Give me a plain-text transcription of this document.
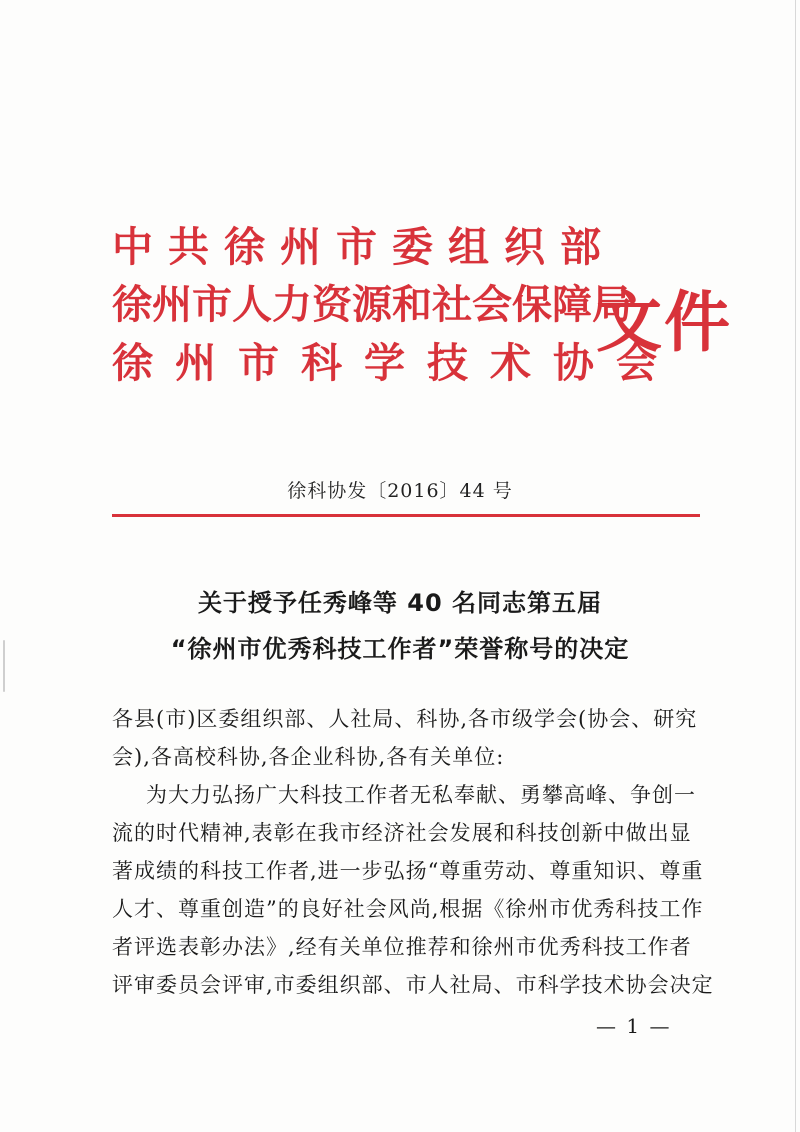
中共徐州市委组织部
徐州市人力资源和社会保障局
徐州市科学技术协会
文件
徐科协发〔2016〕44 号
关于授予任秀峰等 40 名同志第五届
“徐州市优秀科技工作者”荣誉称号的决定
各县(市)区委组织部、人社局、科协,各市级学会(协会、研究
会),各高校科协,各企业科协,各有关单位:
为大力弘扬广大科技工作者无私奉献、勇攀高峰、争创一
流的时代精神,表彰在我市经济社会发展和科技创新中做出显
著成绩的科技工作者,进一步弘扬“尊重劳动、尊重知识、尊重
人才、尊重创造”的良好社会风尚,根据《徐州市优秀科技工作
者评选表彰办法》,经有关单位推荐和徐州市优秀科技工作者
评审委员会评审,市委组织部、市人社局、市科学技术协会决定
— 1 —
